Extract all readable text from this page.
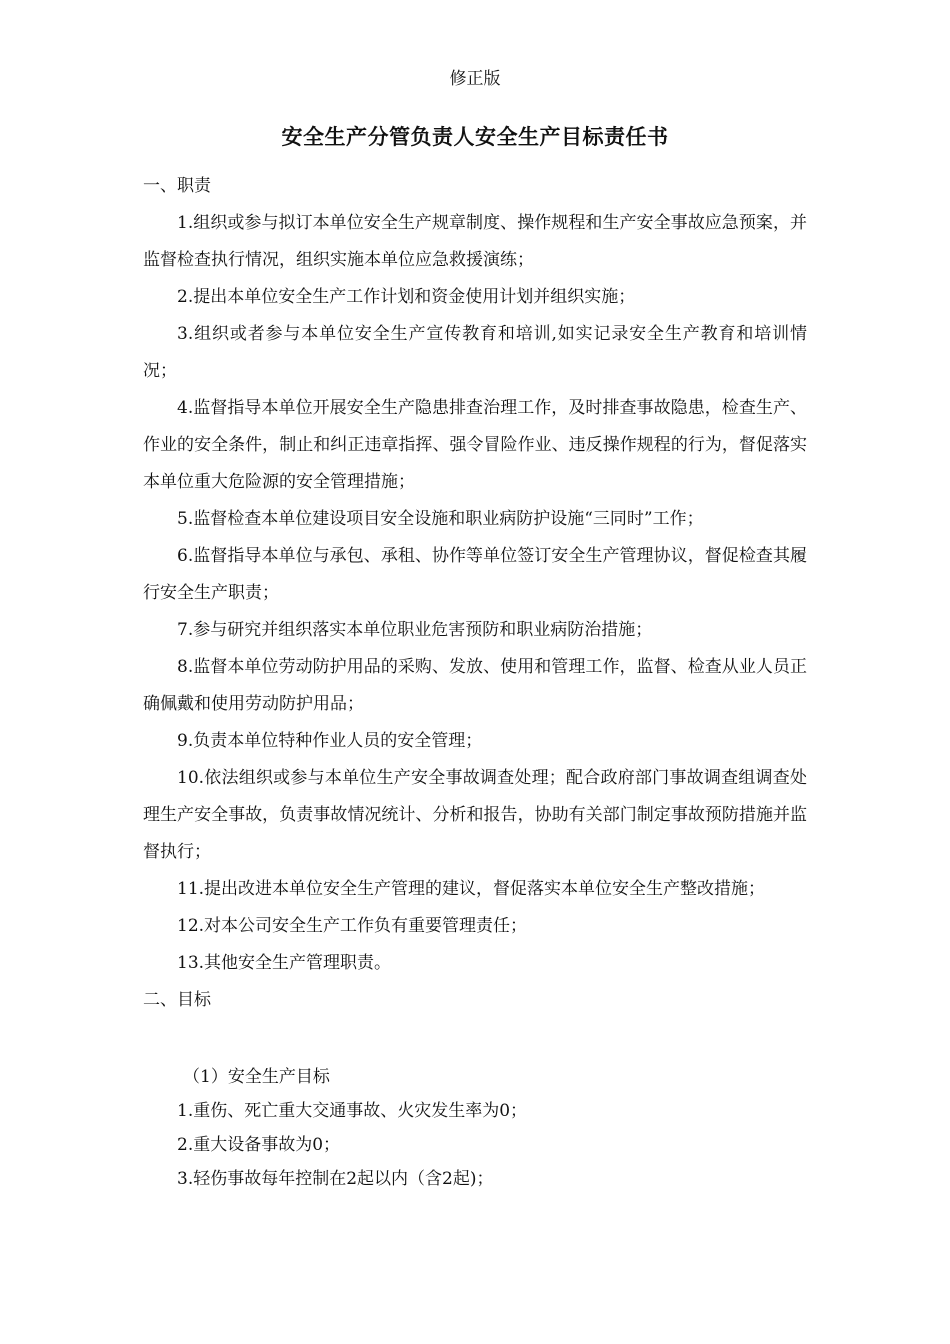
修正版
安全生产分管负责人安全生产目标责任书

一、职责

1.组织或参与拟订本单位安全生产规章制度、操作规程和生产安全事故应急预案，并监督检查执行情况，组织实施本单位应急救援演练；

2.提出本单位安全生产工作计划和资金使用计划并组织实施；

3.组织或者参与本单位安全生产宣传教育和培训,如实记录安全生产教育和培训情况；

4.监督指导本单位开展安全生产隐患排查治理工作，及时排查事故隐患，检查生产、作业的安全条件，制止和纠正违章指挥、强令冒险作业、违反操作规程的行为，督促落实本单位重大危险源的安全管理措施；

5.监督检查本单位建设项目安全设施和职业病防护设施“三同时”工作；

6.监督指导本单位与承包、承租、协作等单位签订安全生产管理协议，督促检查其履行安全生产职责；

7.参与研究并组织落实本单位职业危害预防和职业病防治措施；

8.监督本单位劳动防护用品的采购、发放、使用和管理工作，监督、检查从业人员正确佩戴和使用劳动防护用品；

9.负责本单位特种作业人员的安全管理；

10.依法组织或参与本单位生产安全事故调查处理；配合政府部门事故调查组调查处理生产安全事故，负责事故情况统计、分析和报告，协助有关部门制定事故预防措施并监督执行；

11.提出改进本单位安全生产管理的建议，督促落实本单位安全生产整改措施；

12.对本公司安全生产工作负有重要管理责任；

13.其他安全生产管理职责。

二、目标

（1）安全生产目标

1.重伤、死亡重大交通事故、火灾发生率为0；

2.重大设备事故为0；

3.轻伤事故每年控制在2起以内（含2起)；
